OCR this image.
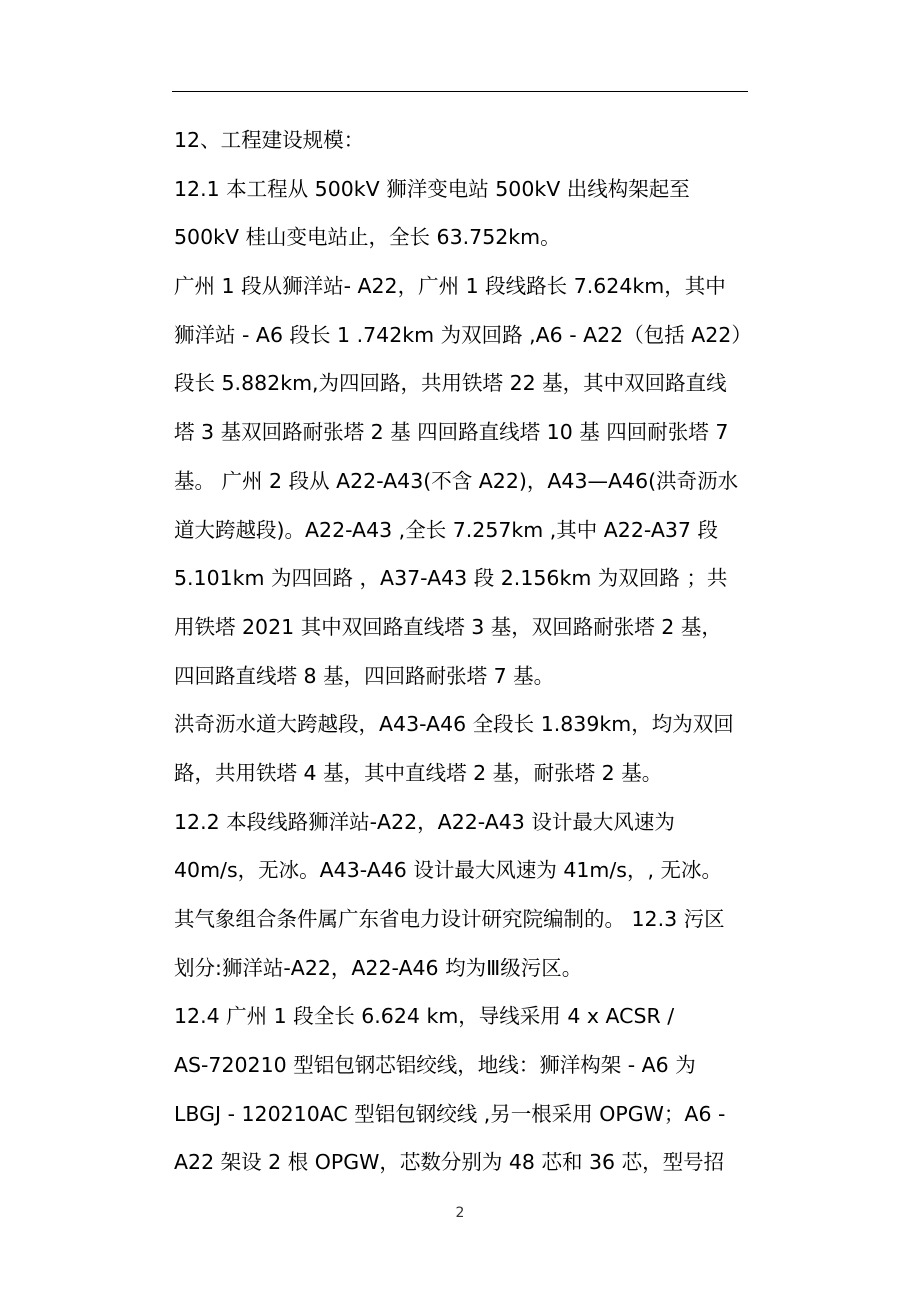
12、工程建设规模：
12.1 本工程从 500kV 狮洋变电站 500kV 出线构架起至
500kV 桂山变电站止，全长 63.752km。
广州 1 段从狮洋站- A22，广州 1 段线路长 7.624km，其中
狮洋站 - A6 段长 1 .742km 为双回路 ,A6 - A22（包括 A22）
段长 5.882km,为四回路，共用铁塔 22 基，其中双回路直线
塔 3 基双回路耐张塔 2 基 四回路直线塔 10 基 四回耐张塔 7
基。 广州 2 段从 A22-A43(不含 A22)，A43—A46(洪奇沥水
道大跨越段)。A22-A43 ,全长 7.257km ,其中 A22-A37 段
5.101km 为四回路 ，A37-A43 段 2.156km 为双回路 ；共
用铁塔 2021 其中双回路直线塔 3 基，双回路耐张塔 2 基，
四回路直线塔 8 基，四回路耐张塔 7 基。
洪奇沥水道大跨越段，A43-A46 全段长 1.839km，均为双回
路，共用铁塔 4 基，其中直线塔 2 基，耐张塔 2 基。
12.2 本段线路狮洋站-A22，A22-A43 设计最大风速为
40m/s，无冰。A43-A46 设计最大风速为 41m/s，, 无冰。
其气象组合条件属广东省电力设计研究院编制的。 12.3 污区
划分:狮洋站-A22，A22-A46 均为Ⅲ级污区。
12.4 广州 1 段全长 6.624 km，导线采用 4 x ACSR /
AS-720210 型铝包钢芯铝绞线，地线：狮洋构架 - A6 为
LBGJ - 120210AC 型铝包钢绞线 ,另一根采用 OPGW；A6 -
A22 架设 2 根 OPGW，芯数分别为 48 芯和 36 芯，型号招
2
